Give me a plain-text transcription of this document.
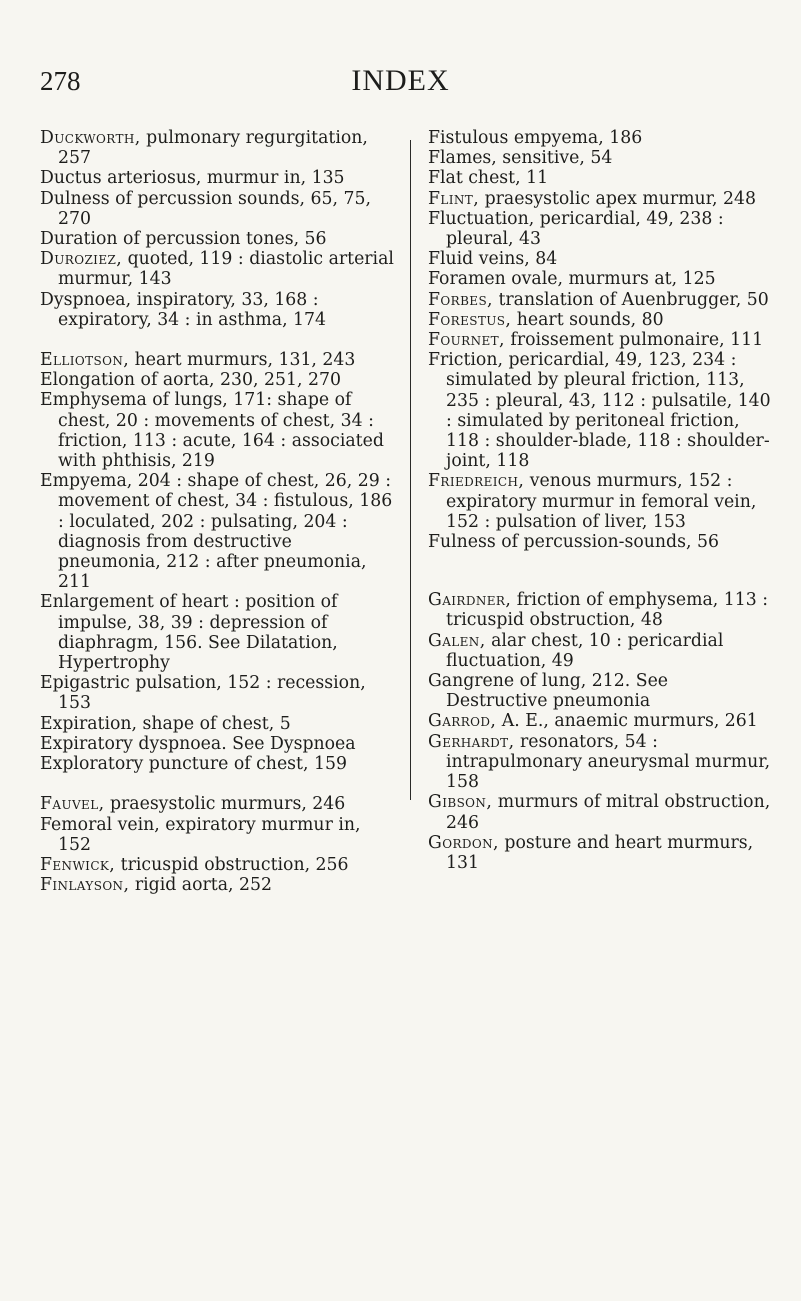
278	INDEX
Duckworth, pulmonary regurgitation, 257
Ductus arteriosus, murmur in, 135
Dulness of percussion sounds, 65, 75, 270
Duration of percussion tones, 56
Duroziez, quoted, 119 : diastolic arterial murmur, 143
Dyspnoea, inspiratory, 33, 168 : expiratory, 34 : in asthma, 174
Elliotson, heart murmurs, 131, 243
Elongation of aorta, 230, 251, 270
Emphysema of lungs, 171: shape of chest, 20 : movements of chest, 34 : friction, 113 : acute, 164 : associated with phthisis, 219
Empyema, 204 : shape of chest, 26, 29 : movement of chest, 34 : fistulous, 186 : loculated, 202 : pulsating, 204 : diagnosis from destructive pneumonia, 212 : after pneumonia, 211
Enlargement of heart : position of impulse, 38, 39 : depression of diaphragm, 156. See Dilatation, Hypertrophy
Epigastric pulsation, 152 : recession, 153
Expiration, shape of chest, 5
Expiratory dyspnoea. See Dyspnoea
Exploratory puncture of chest, 159
Fauvel, praesystolic murmurs, 246
Femoral vein, expiratory murmur in, 152
Fenwick, tricuspid obstruction, 256
Finlayson, rigid aorta, 252
Fistulous empyema, 186
Flames, sensitive, 54
Flat chest, 11
Flint, praesystolic apex murmur, 248
Fluctuation, pericardial, 49, 238 : pleural, 43
Fluid veins, 84
Foramen ovale, murmurs at, 125
Forbes, translation of Auenbrugger, 50
Forestus, heart sounds, 80
Fournet, froissement pulmonaire, 111
Friction, pericardial, 49, 123, 234 : simulated by pleural friction, 113, 235 : pleural, 43, 112 : pulsatile, 140 : simulated by peritoneal friction, 118 : shoulder-blade, 118 : shoulder-joint, 118
Friedreich, venous murmurs, 152 : expiratory murmur in femoral vein, 152 : pulsation of liver, 153
Fulness of percussion-sounds, 56
Gairdner, friction of emphysema, 113 : tricuspid obstruction, 48
Galen, alar chest, 10 : pericardial fluctuation, 49
Gangrene of lung, 212. See Destructive pneumonia
Garrod, A. E., anaemic murmurs, 261
Gerhardt, resonators, 54 : intrapulmonary aneurysmal murmur, 158
Gibson, murmurs of mitral obstruction, 246
Gordon, posture and heart murmurs, 131
